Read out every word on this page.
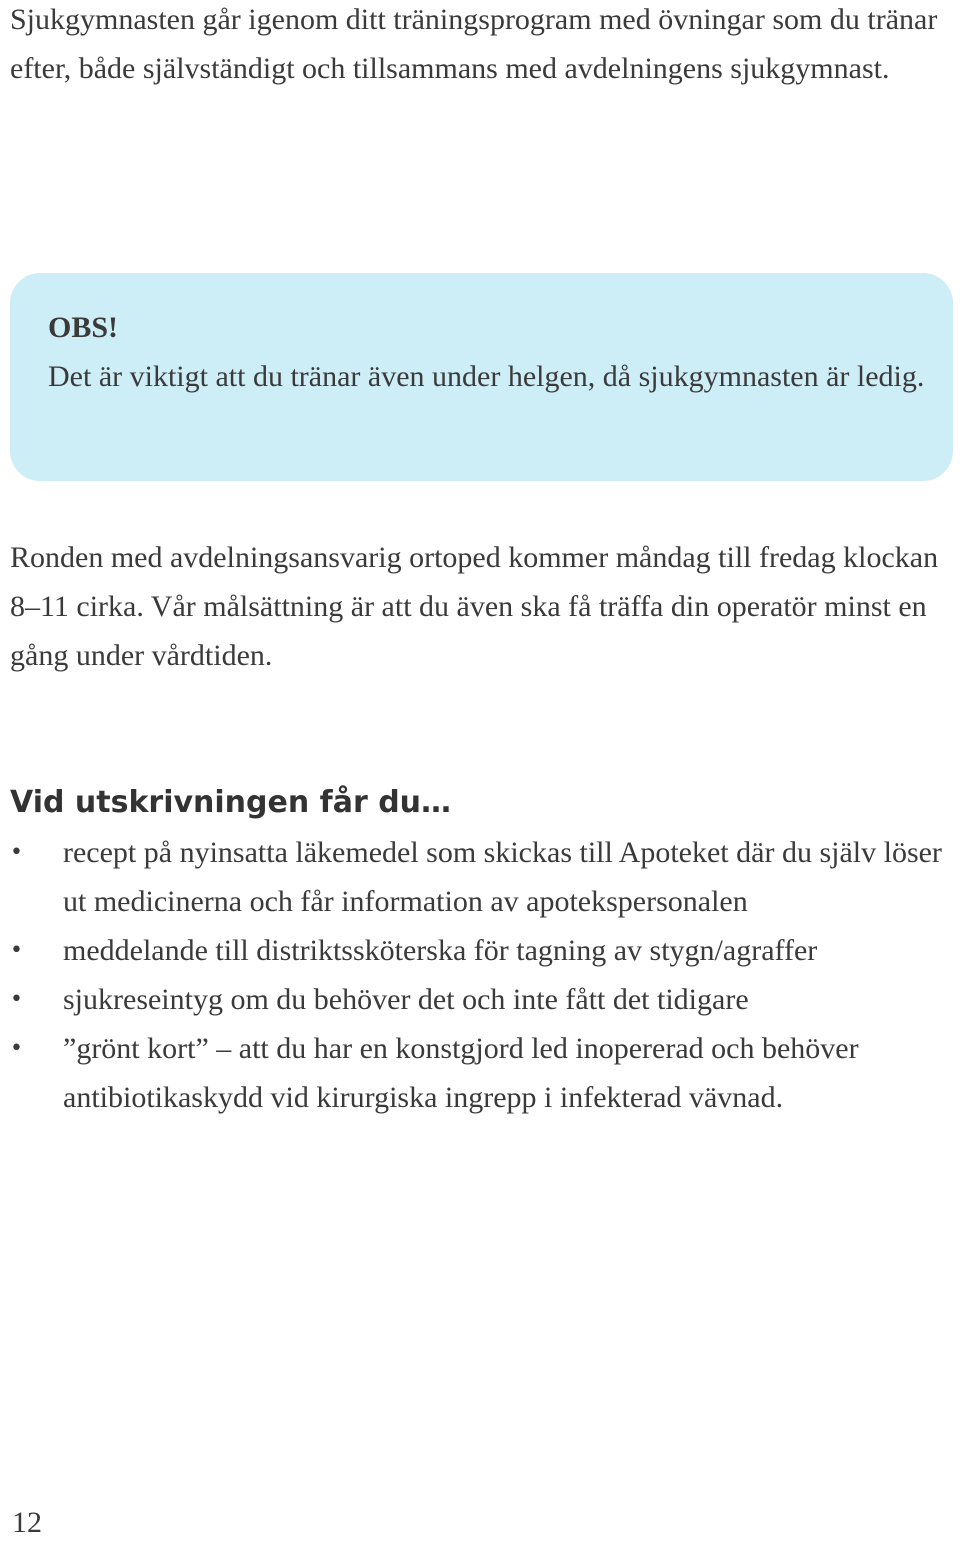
Sjukgymnasten går igenom ditt träningsprogram med övningar som du tränar efter, både självständigt och tillsammans med avdelningens sjukgymnast.

OBS!

Det är viktigt att du tränar även under helgen, då sjukgymnasten är ledig.

Ronden med avdelningsansvarig ortoped kommer måndag till fredag klockan 8–11 cirka. Vår målsättning är att du även ska få träffa din operatör minst en gång under vårdtiden.

Vid utskrivningen får du…
• recept på nyinsatta läkemedel som skickas till Apoteket där du själv löser ut medicinerna och får information av apotekspersonalen
• meddelande till distriktssköterska för tagning av stygn/agraffer
• sjukreseintyg om du behöver det och inte fått det tidigare
• ”grönt kort” – att du har en konstgjord led inopererad och behöver antibiotikaskydd vid kirurgiska ingrepp i infekterad vävnad.

12
